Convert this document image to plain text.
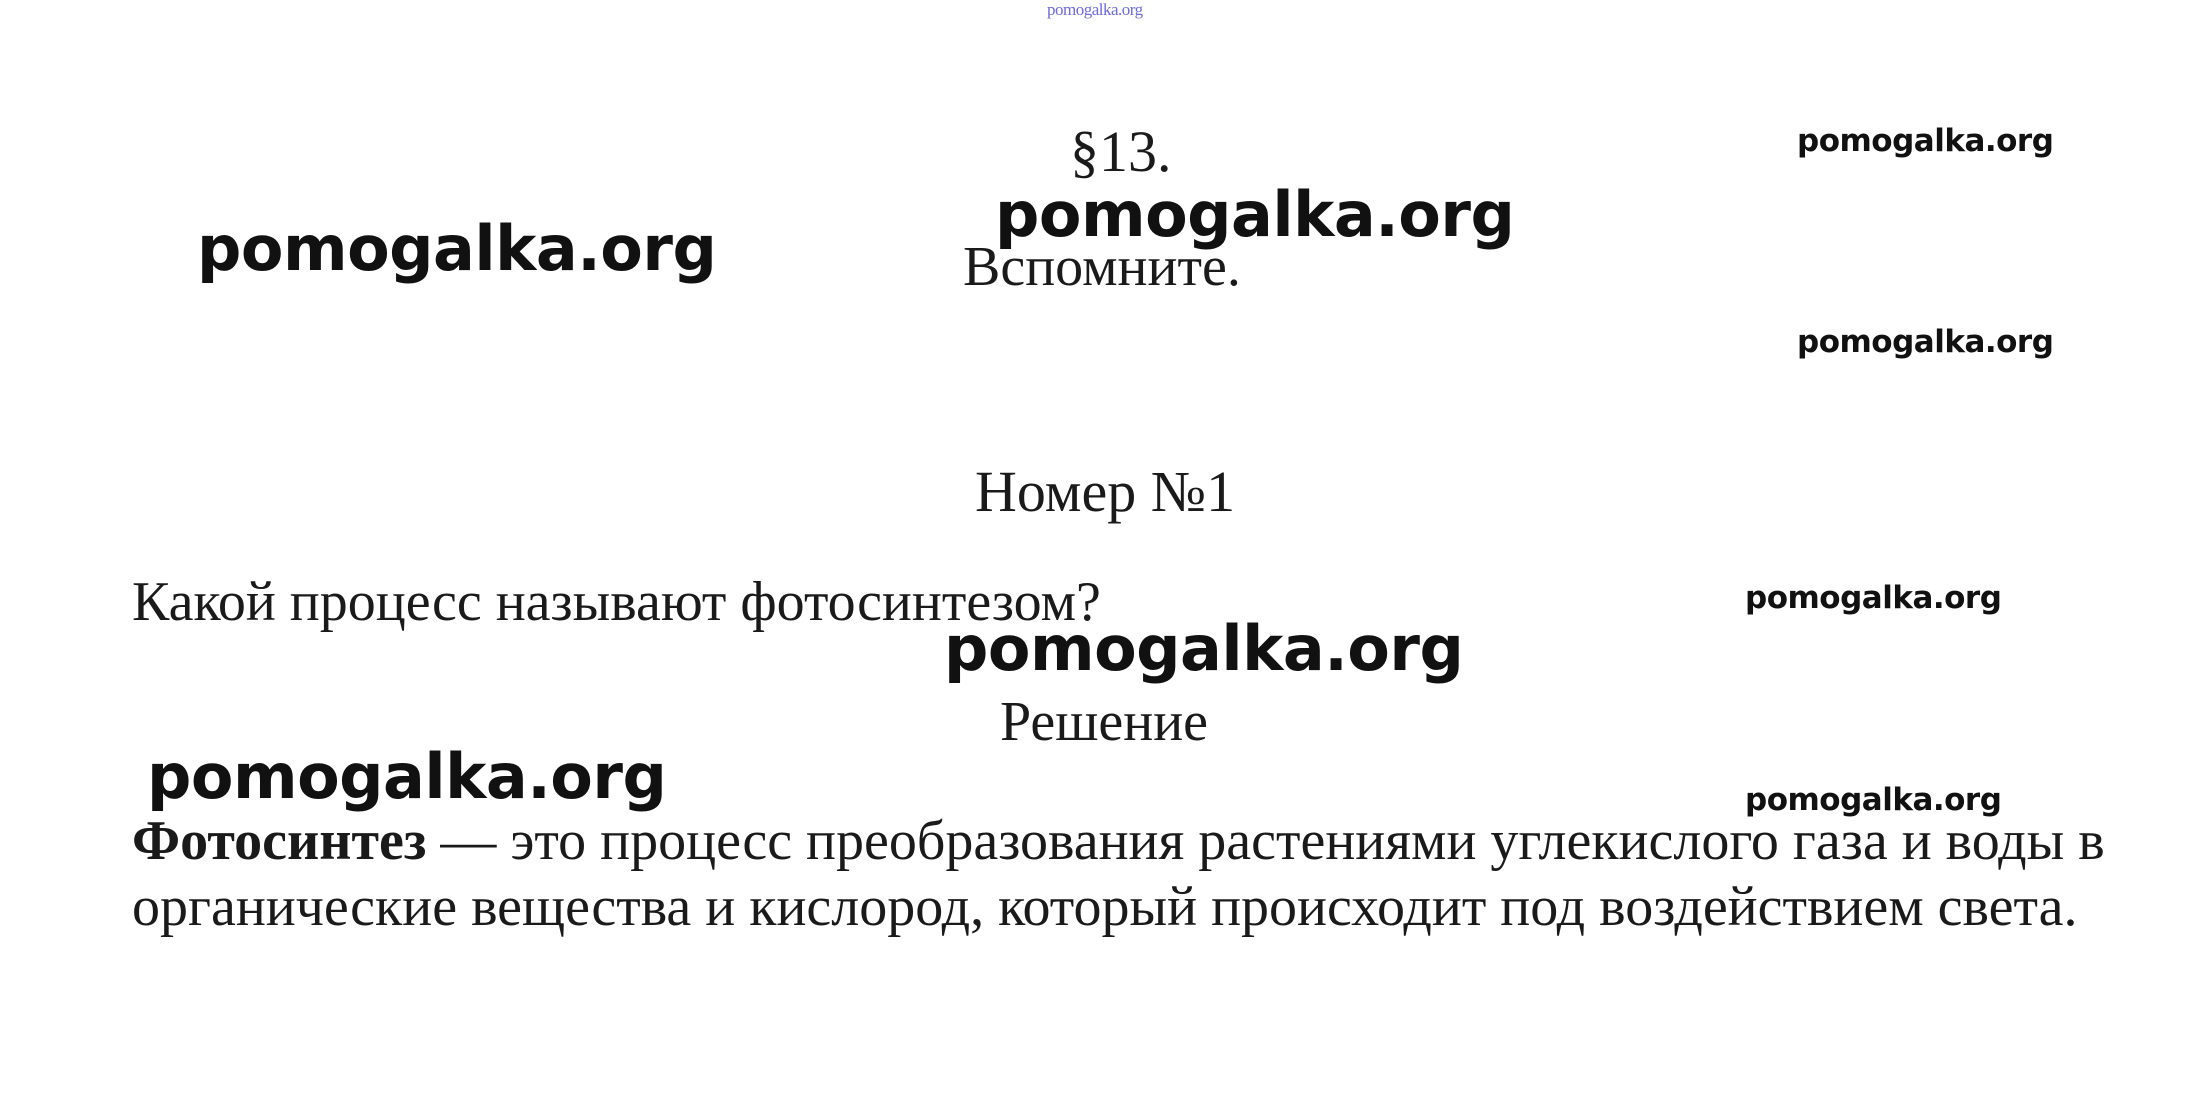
pomogalka.org
§13.
Вспомните.
Номер №1
Какой процесс называют фотосинтезом?
Решение
Фотосинтез — это процесс преобразования растениями углекислого газа и воды в органические вещества и кислород, который происходит под воздействием света.
pomogalka.org
pomogalka.org
pomogalka.org
pomogalka.org
pomogalka.org
pomogalka.org
pomogalka.org	pomogalka.org
